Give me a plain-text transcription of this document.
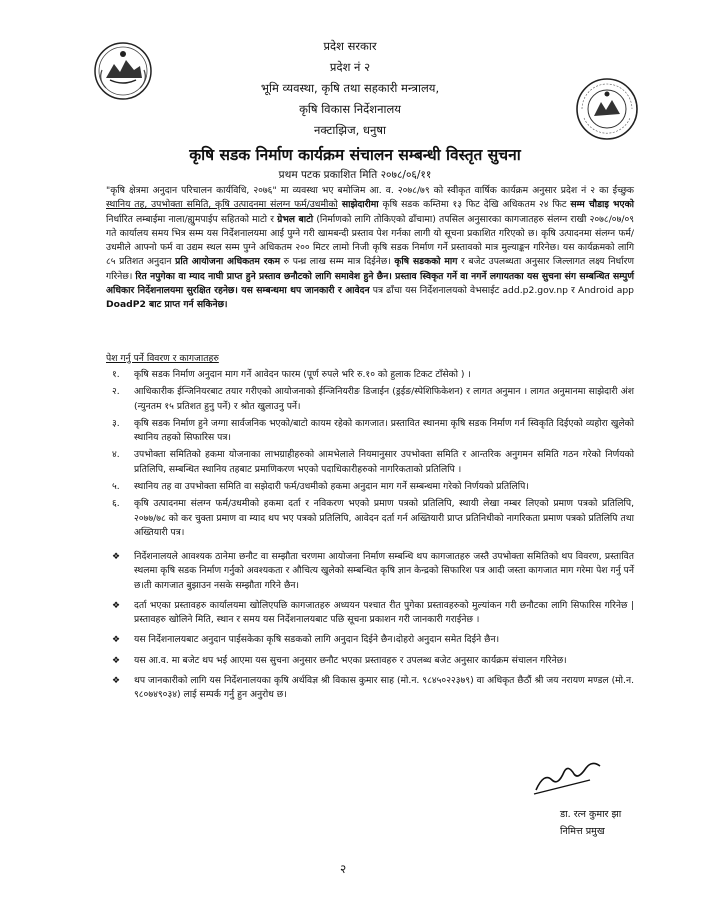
प्रदेश सरकार
प्रदेश नं २
भूमि व्यवस्था, कृषि तथा सहकारी मन्त्रालय,
कृषि विकास निर्देशनालय
नक्टाझिज, धनुषा
कृषि सडक निर्माण कार्यक्रम संचालन सम्बन्धी विस्तृत सुचना
प्रथम पटक प्रकाशित मिति २०७८/०६/११
"कृषि क्षेत्रमा अनुदान परिचालन कार्यविधि, २०७६" मा व्यवस्था भए बमोजिम आ. व. २०७८/७९ को स्वीकृत वार्षिक कार्यक्रम अनुसार प्रदेश नं २ का ईच्छुक स्थानिय तह, उपभोक्ता समिति, कृषि उत्पादनमा संलग्न फर्म/उधमीको साझेदारीमा कृषि सडक कम्तिमा १३ फिट देखि अधिकतम २४ फिट सम्म चौडाइ भएको निर्धारित लम्बाईमा नाला/ह्युमपाईप सहितको माटो र ग्रेभल बाटो (निर्माणको लागि तोकिएको ढाँचामा) तपसिल अनुसारका कागजातहरु संलग्न राखी २०७८/०७/०९ गते कार्यालय समय भित्र सम्म यस निर्देशनालयमा आई पुग्ने गरी खामबन्दी प्रस्ताव पेश गर्नका लागी यो सूचना प्रकाशित गरिएको छ। कृषि उत्पादनमा संलग्न फर्म/उधमीले आफ्नो फर्म वा उद्यम स्थल सम्म पुग्ने अधिकतम २०० मिटर लामो निजी कृषि सडक निर्माण गर्ने प्रस्तावको मात्र मुल्याङ्कन गरिनेछ। यस कार्यक्रमको लागि ८५ प्रतिशत अनुदान प्रति आयोजना अधिकतम रकम रु पन्ध्र लाख सम्म मात्र दिईनेछ। कृषि सडकको माग र बजेट उपलब्धता अनुसार जिल्लागत लक्ष्य निर्धारण गरिनेछ। रित नपुगेका वा म्याद नाघी प्राप्त हुने प्रस्ताव छनौटको लागि समावेश हुने छैन। प्रस्ताव स्विकृत गर्ने वा नगर्ने लगायतका यस सुचना संग सम्बन्धित सम्पुर्ण अधिकार निर्देशनालयमा सुरक्षित रहनेछ। यस सम्बन्धमा थप जानकारी र आवेदन पत्र ढाँचा यस निर्देशनालयको वेभसाईट add.p2.gov.np र Android app DoadP2 बाट प्राप्त गर्न सकिनेछ।
पेश गर्नु पर्ने विवरण र कागजातहरु
१. कृषि सडक निर्माण अनुदान माग गर्ने आवेदन फारम (पूर्ण रुपले भरि रु.१० को हुलाक टिकट टाँसेको ) ।
२. आधिकारीक ईन्जिनियरबाट तयार गरीएको आयोजनाको ईन्जिनियरीङ डिजाईन (ड्रईङ/स्पेशिफिकेशन) र लागत अनुमान । लागत अनुमानमा साझेदारी अंश (न्युनतम १५ प्रतिशत हुनु पर्ने) र श्रोत खुलाउनु पर्ने।
३. कृषि सडक निर्माण हुने जग्गा सार्वजनिक भएको/बाटो कायम रहेको कागजात। प्रस्तावित स्थानमा कृषि सडक निर्माण गर्न स्विकृति दिईएको व्यहोरा खुलेको स्थानिय तहको सिफारिस पत्र।
४. उपभोक्ता समितिको हकमा योजनाका लाभग्राहीहरुको आमभेलाले नियमानुसार उपभोक्ता समिति र आन्तरिक अनुगमन समिति गठन गरेको निर्णयको प्रतिलिपि, सम्बन्धित स्थानिय तहबाट प्रमाणिकरण भएको पदाधिकारीहरुको नागरिकताको प्रतिलिपि ।
५. स्थानिय तह वा उपभोक्ता समिति वा सझेदारी फर्म/उधमीको हकमा अनुदान माग गर्ने सम्बन्धमा गरेको निर्णयको प्रतिलिपि।
६. कृषि उत्पादनमा संलग्न फर्म/उधमीको हकमा दर्ता र नविकरण भएको प्रमाण पत्रको प्रतिलिपि, स्थायी लेखा नम्बर लिएको प्रमाण पत्रको प्रतिलिपि, २०७७/७८ को कर चुक्ता प्रमाण वा म्याद थप भए पत्रको प्रतिलिपि, आवेदन दर्ता गर्न अख्तियारी प्राप्त प्रतिनिधीको नागरिकता प्रमाण पत्रको प्रतिलिपि तथा अख्तियारी पत्र।
❖ निर्देशनालयले आवश्यक ठानेमा छनौट वा सम्झौता चरणमा आयोजना निर्माण सम्बन्धि थप कागजातहरु जस्तै उपभोक्ता समितिको थप विवरण, प्रस्तावित स्थलमा कृषि सडक निर्माण गर्नुको अवश्यकता र औचित्य खुलेको सम्बन्धित कृषि ज्ञान केन्द्रको सिफारिश पत्र आदी जस्ता कागजात माग गरेमा पेश गर्नु पर्ने छ।ती कागजात बुझाउन नसके सम्झौता गरिने छैन।
❖ दर्ता भएका प्रस्तावहरु कार्यालयमा खोलिएपछि कागजातहरु अध्ययन पश्चात रीत पुगेका प्रस्तावहरुको मुल्यांकन गरी छनौटका लागि सिफारिस गरिनेछ |प्रस्तावहरु खोलिने मिति, स्थान र समय यस निर्देशनालयबाट पछि सूचना प्रकाशन गरी जानकारी गराईनेछ ।
❖ यस निर्देशनालयबाट अनुदान पाईसकेका कृषि सडकको लागि अनुदान दिईने छैन।दोहरो अनुदान समेत दिईने छैन।
❖ यस आ.व. मा बजेट थप भई आएमा यस सुचना अनुसार छनौट भएका प्रस्तावहरु र उपलब्ध बजेट अनुसार कार्यक्रम संचालन गरिनेछ।
❖ थप जानकारीको लागि यस निर्देशनालयका कृषि अर्थविज्ञ श्री विकास कुमार साह (मो.न. ९८४५०२२३७९) वा अधिकृत छैठौं श्री जय नरायण मण्डल (मो.न. ९८०७४९०३४) लाई सम्पर्क गर्नु हुन अनुरोध छ।
डा. रत्न कुमार झा
निमित्त प्रमुख
२
